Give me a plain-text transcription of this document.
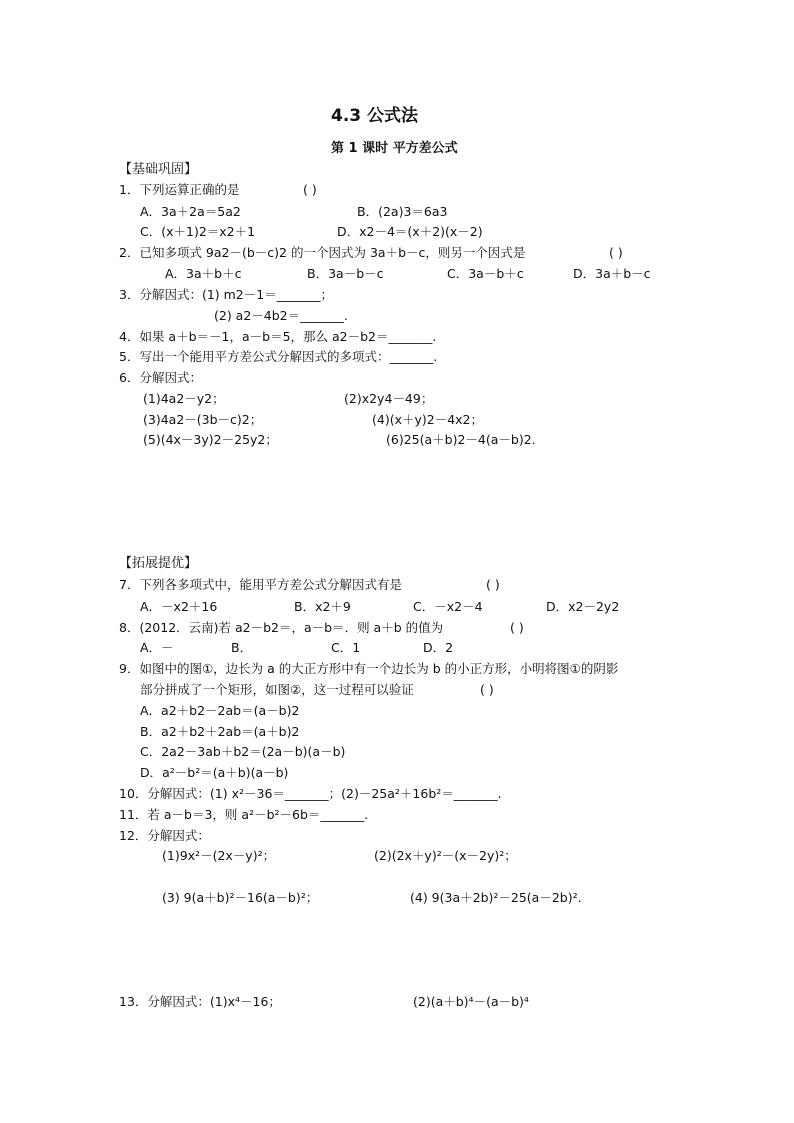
4.3 公式法
第 1 课时 平方差公式
【基础巩固】
1．下列运算正确的是	( )
A．3a＋2a＝5a2	B．(2a)3＝6a3
C．(x＋1)2＝x2＋1	D．x2－4＝(x＋2)(x－2)
2．已知多项式 9a2－(b－c)2 的一个因式为 3a＋b－c，则另一个因式是	( )
A．3a＋b＋c	B．3a－b－c	C．3a－b＋c	D．3a＋b－c
3．分解因式：(1) m2－1＝_______；
(2) a2－4b2＝_______.
4．如果 a＋b＝－1，a－b＝5，那么 a2－b2＝_______.
5．写出一个能用平方差公式分解因式的多项式：_______.
6．分解因式：
(1)4a2－y2；	(2)x2y4－49；
(3)4a2－(3b－c)2；	(4)(x＋y)2－4x2；
(5)(4x－3y)2－25y2；	(6)25(a＋b)2－4(a－b)2.
【拓展提优】
7．下列各多项式中，能用平方差公式分解因式有是	( )
A．－x2＋16	B．x2＋9	C．－x2－4	D．x2－2y2
8．(2012．云南)若 a2－b2＝，a－b＝．则 a＋b 的值为	( )
A．－	B．	C．1	D．2
9．如图中的图①，边长为 a 的大正方形中有一个边长为 b 的小正方形，小明将图①的阴影
部分拼成了一个矩形，如图②，这一过程可以验证	( )
A．a2＋b2－2ab＝(a－b)2
B．a2＋b2＋2ab＝(a＋b)2
C．2a2－3ab＋b2＝(2a－b)(a－b)
D．a²－b²＝(a＋b)(a－b)
10．分解因式：(1) x²－36＝_______；(2)－25a²＋16b²＝_______.
11．若 a－b＝3，则 a²－b²－6b＝_______.
12．分解因式：
(1)9x²－(2x－y)²；	(2)(2x＋y)²－(x－2y)²；
(3) 9(a＋b)²－16(a－b)²；	(4) 9(3a＋2b)²－25(a－2b)².
13．分解因式：(1)x⁴－16；	(2)(a＋b)⁴－(a－b)⁴
